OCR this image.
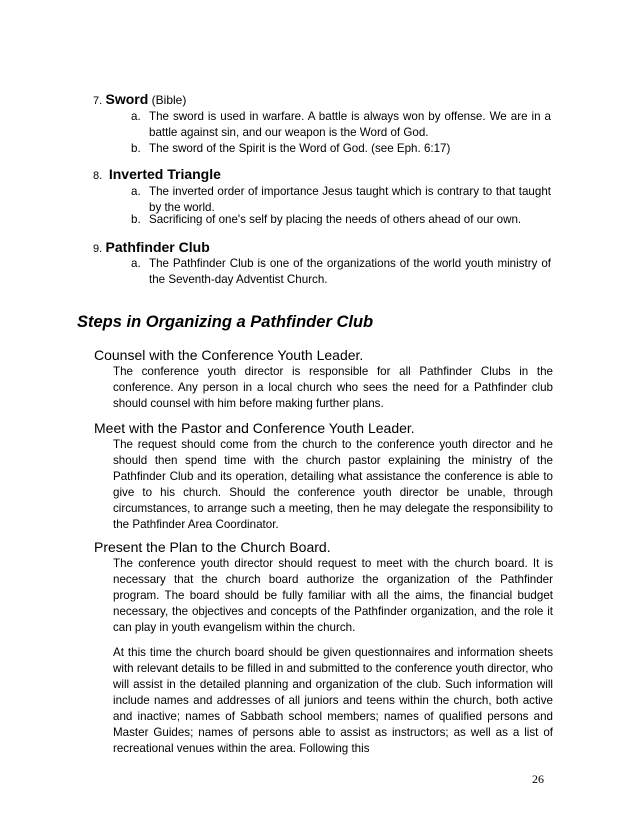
7. Sword (Bible)
a. The sword is used in warfare. A battle is always won by offense. We are in a battle against sin, and our weapon is the Word of God.
b. The sword of the Spirit is the Word of God. (see Eph. 6:17)
8. Inverted Triangle
a. The inverted order of importance Jesus taught which is contrary to that taught by the world.
b. Sacrificing of one's self by placing the needs of others ahead of our own.
9. Pathfinder Club
a. The Pathfinder Club is one of the organizations of the world youth ministry of the Seventh-day Adventist Church.
Steps in Organizing a Pathfinder Club
Counsel with the Conference Youth Leader.
The conference youth director is responsible for all Pathfinder Clubs in the conference. Any person in a local church who sees the need for a Pathfinder club should counsel with him before making further plans.
Meet with the Pastor and Conference Youth Leader.
The request should come from the church to the conference youth director and he should then spend time with the church pastor explaining the ministry of the Pathfinder Club and its operation, detailing what assistance the conference is able to give to his church. Should the conference youth director be unable, through circumstances, to arrange such a meeting, then he may delegate the responsibility to the Pathfinder Area Coordinator.
Present the Plan to the Church Board.
The conference youth director should request to meet with the church board. It is necessary that the church board authorize the organization of the Pathfinder program. The board should be fully familiar with all the aims, the financial budget necessary, the objectives and concepts of the Pathfinder organization, and the role it can play in youth evangelism within the church.
At this time the church board should be given questionnaires and information sheets with relevant details to be filled in and submitted to the conference youth director, who will assist in the detailed planning and organization of the club. Such information will include names and addresses of all juniors and teens within the church, both active and inactive; names of Sabbath school members; names of qualified persons and Master Guides; names of persons able to assist as instructors; as well as a list of recreational venues within the area. Following this
26
